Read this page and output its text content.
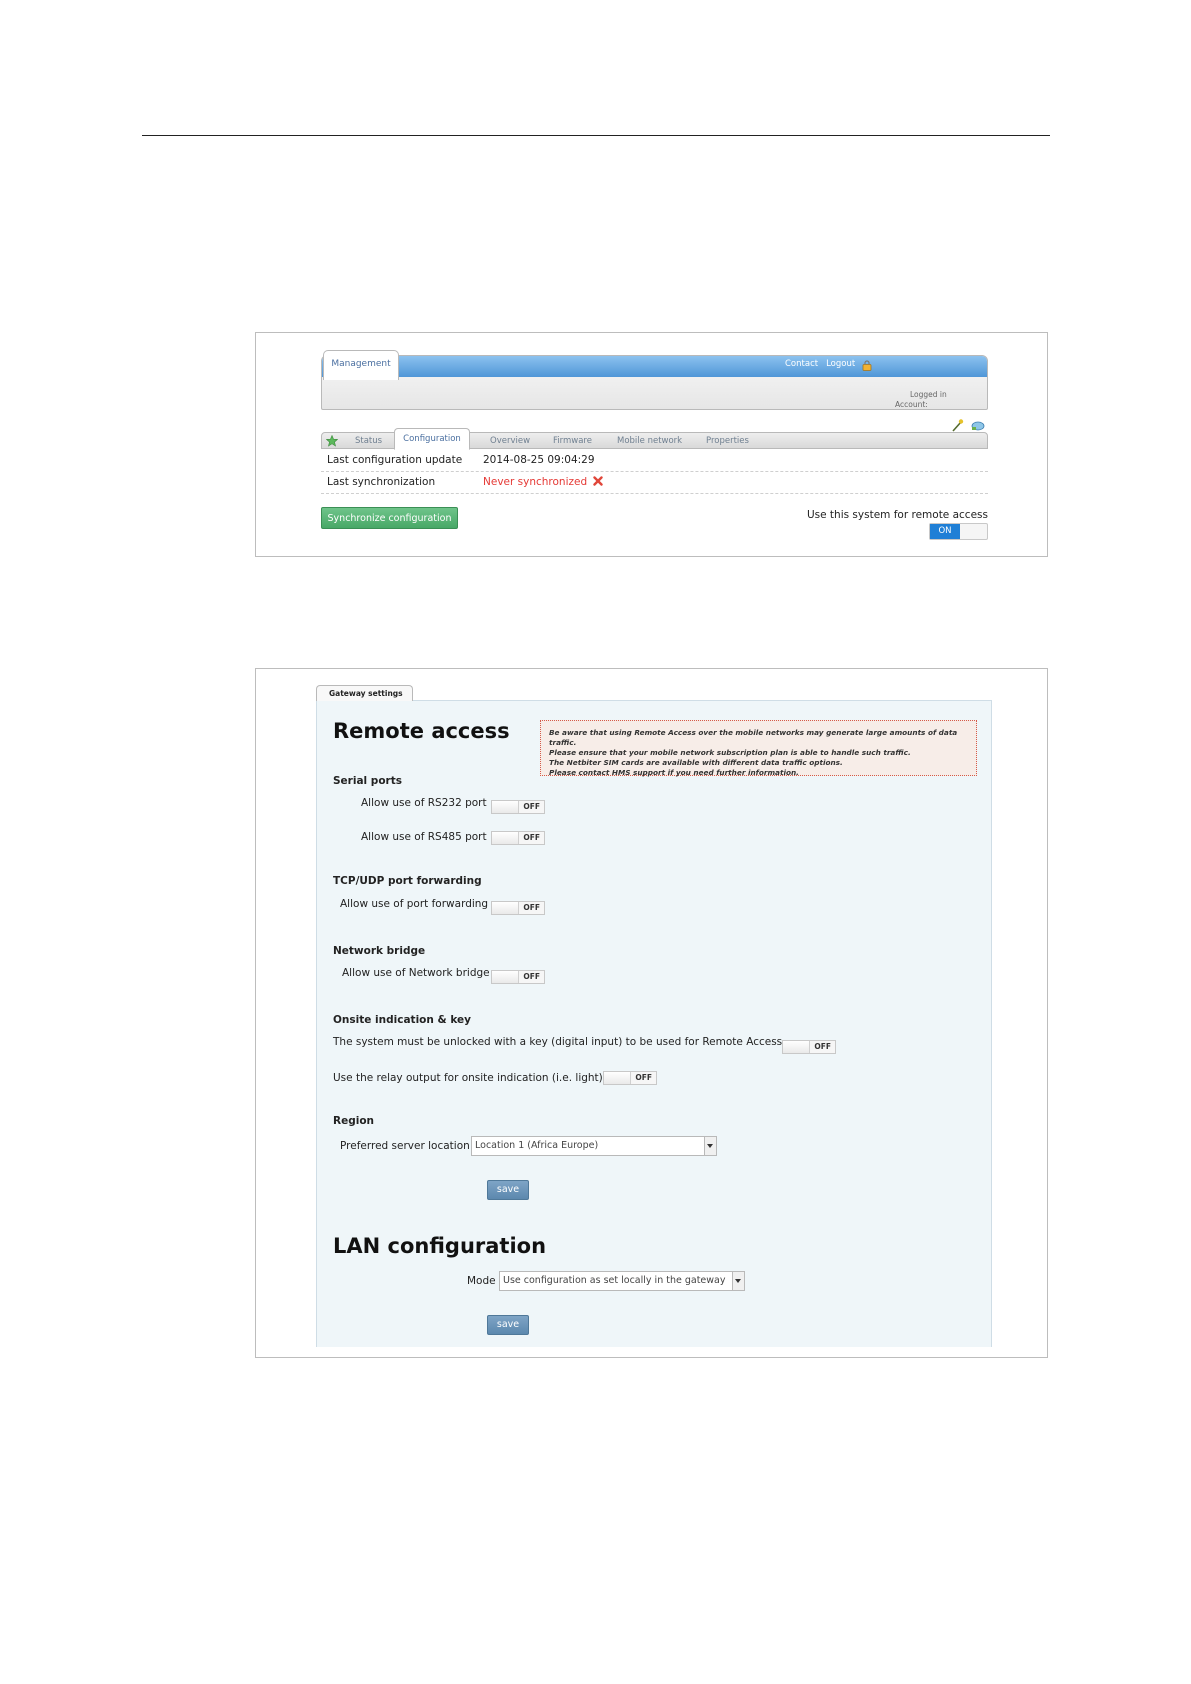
Management	Contact Logout
Logged in
Account:
Status	Configuration	Overview	Firmware	Mobile network	Properties
Last configuration update 2014-08-25 09:04:29
Last synchronization	Never synchronized
Synchronize configuration	Use this system for remote access
ON
Gateway settings
Remote access	Be aware that using Remote Access over the mobile networks may generate large amounts of data traffic.
Please ensure that your mobile network subscription plan is able to handle such traffic.
The Netbiter SIM cards are available with different data traffic options.
Please contact HMS support if you need further information.
Serial ports
Allow use of RS232 port	OFF
Allow use of RS485 port	OFF
TCP/UDP port forwarding
Allow use of port forwarding	OFF
Network bridge
Allow use of Network bridge	OFF
Onsite indication & key
The system must be unlocked with a key (digital input) to be used for Remote Access	OFF
Use the relay output for onsite indication (i.e. light)	OFF
Region
Preferred server location Location 1 (Africa Europe)
save
LAN configuration
Mode Use configuration as set locally in the gateway
save
